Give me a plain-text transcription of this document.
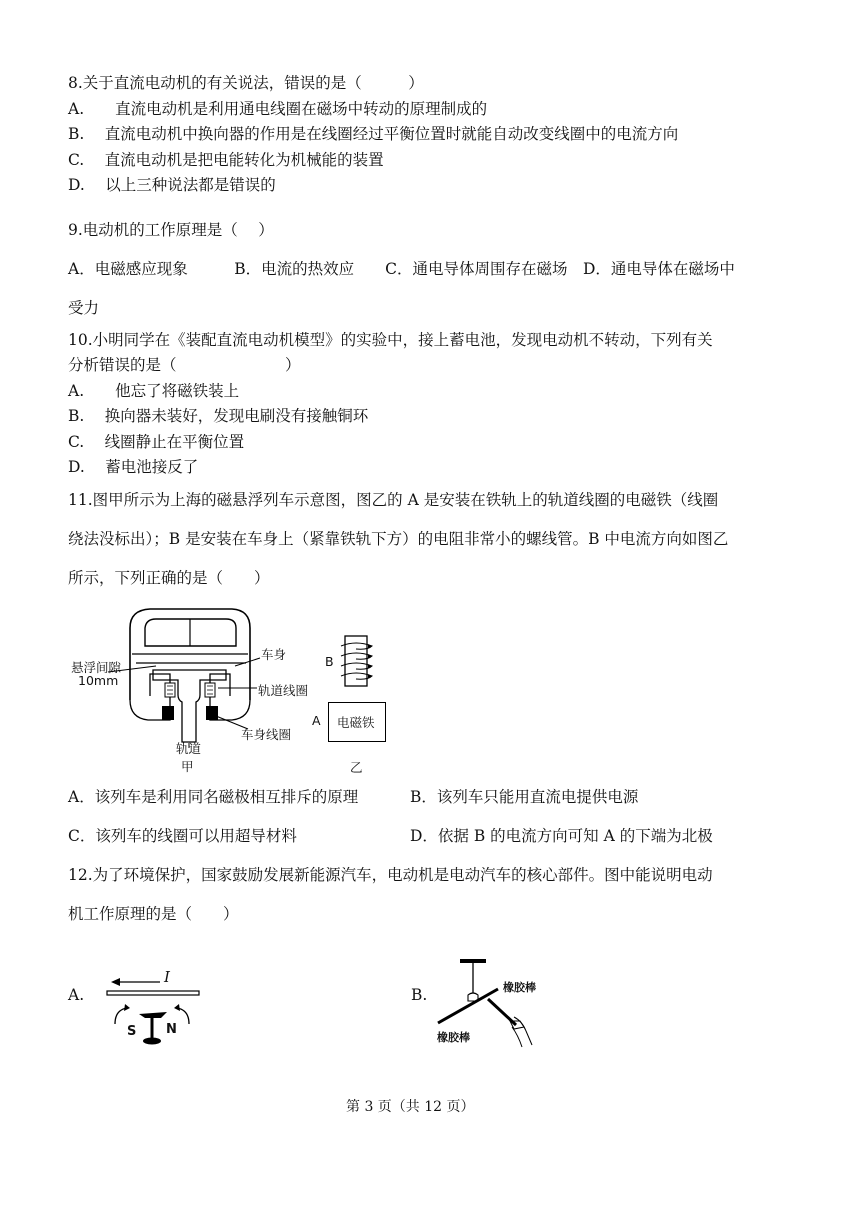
8.关于直流电动机的有关说法，错误的是（　　　）
A.　　直流电动机是利用通电线圈在磁场中转动的原理制成的
B.　 直流电动机中换向器的作用是在线圈经过平衡位置时就能自动改变线圈中的电流方向
C.　 直流电动机是把电能转化为机械能的装置
D.　 以上三种说法都是错误的
9.电动机的工作原理是（　 ）
A．电磁感应现象　　　B．电流的热效应　　C．通电导体周围存在磁场　D．通电导体在磁场中
受力
10.小明同学在《装配直流电动机模型》的实验中，接上蓄电池，发现电动机不转动，下列有关
分析错误的是（　　　　　　　）
A.　　他忘了将磁铁装上
B.　 换向器未装好，发现电刷没有接触铜环
C.　 线圈静止在平衡位置
D.　 蓄电池接反了
11.图甲所示为上海的磁悬浮列车示意图，图乙的 A 是安装在铁轨上的轨道线圈的电磁铁（线圈
绕法没标出）；B 是安装在车身上（紧靠铁轨下方）的电阻非常小的螺线管。B 中电流方向如图乙
所示，下列正确的是（　　）
悬浮间隙
10mm
车身
轨道线圈
车身线圈
轨道
甲
B
A 电磁铁
乙
A．该列车是利用同名磁极相互排斥的原理	B．该列车只能用直流电提供电源
C．该列车的线圈可以用超导材料	D．依据 B 的电流方向可知 A 的下端为北极
12.为了环境保护，国家鼓励发展新能源汽车，电动机是电动汽车的核心部件。图中能说明电动
机工作原理的是（　　）
A.
I
S N
B.	橡胶棒
橡胶棒
第 3 页（共 12 页）
